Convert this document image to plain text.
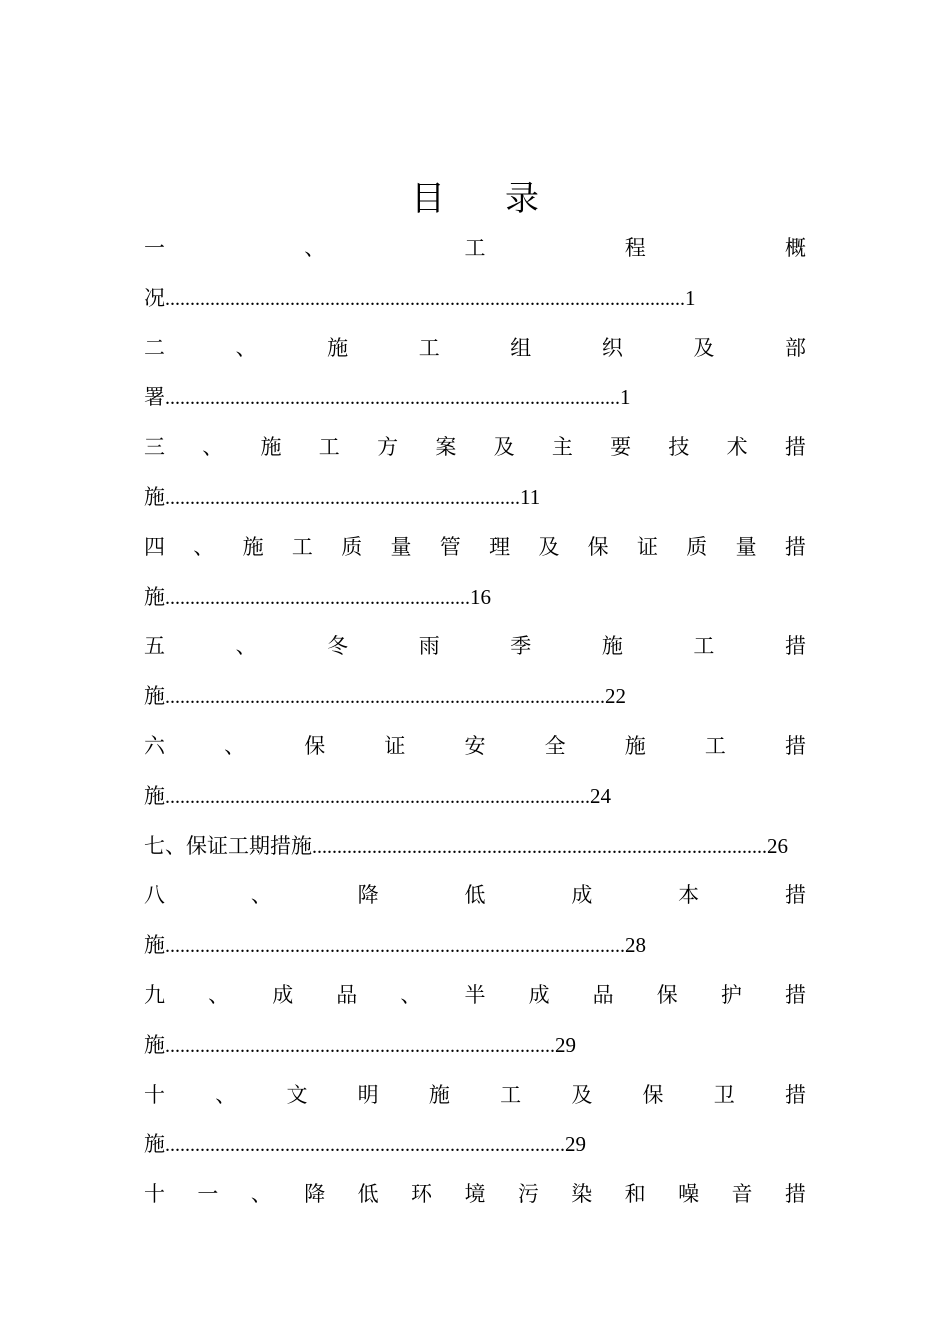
目 录
一	、	工	程	概
况 ........................................................................................................ 1
二	、	施	工	组	织	及	部
署 ........................................................................................... 1
三 、 施 工 方 案 及 主 要 技 术 措
施 ....................................................................... 11
四 、 施 工 质 量 管 理 及 保 证 质 量 措
施 ............................................................. 16
五	、	冬	雨	季	施	工	措
施 ........................................................................................ 22
六	、	保	证	安	全	施	工	措
施 ..................................................................................... 24
七、保证工期措施 ........................................................................................... 26
八	、	降	低	成	本	措
施 ............................................................................................ 28
九 、 成 品 、 半 成 品 保 护 措
施 .............................................................................. 29
十 、 文 明 施 工 及 保 卫 措
施 ................................................................................ 29
十 一 、 降 低 环 境 污 染 和 噪 音 措
